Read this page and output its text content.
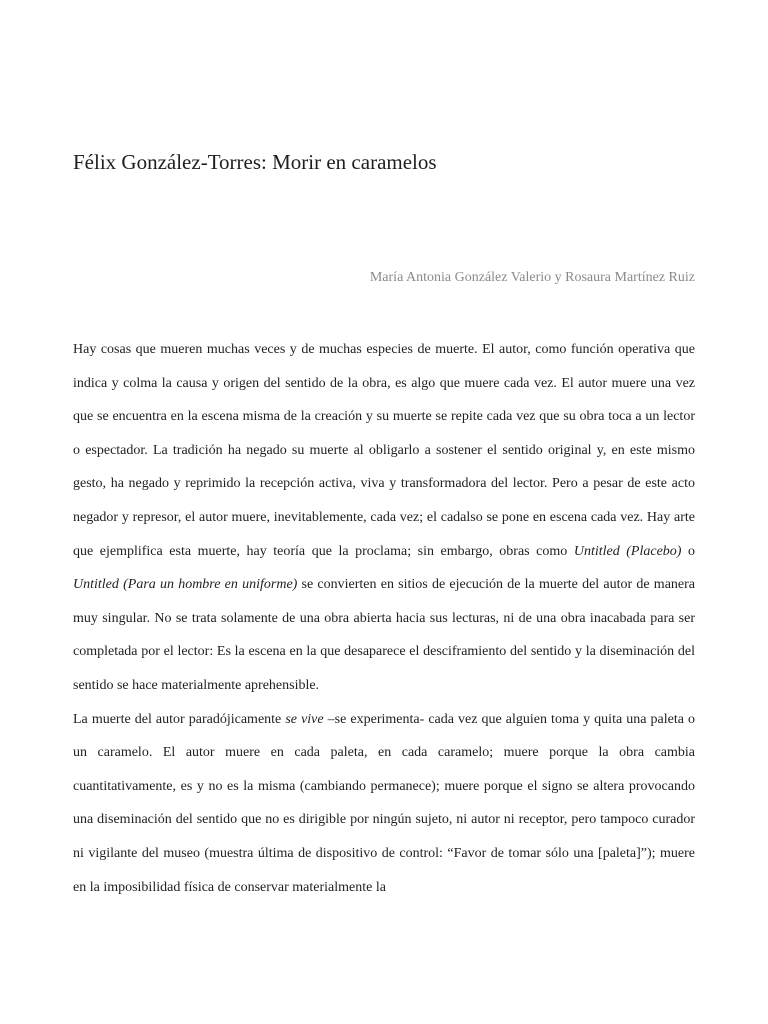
Félix González-Torres: Morir en caramelos

María Antonia González Valerio y Rosaura Martínez Ruiz

Hay cosas que mueren muchas veces y de muchas especies de muerte. El autor, como función operativa que indica y colma la causa y origen del sentido de la obra, es algo que muere cada vez. El autor muere una vez que se encuentra en la escena misma de la creación y su muerte se repite cada vez que su obra toca a un lector o espectador. La tradición ha negado su muerte al obligarlo a sostener el sentido original y, en este mismo gesto, ha negado y reprimido la recepción activa, viva y transformadora del lector. Pero a pesar de este acto negador y represor, el autor muere, inevitablemente, cada vez; el cadalso se pone en escena cada vez. Hay arte que ejemplifica esta muerte, hay teoría que la proclama; sin embargo, obras como Untitled (Placebo) o Untitled (Para un hombre en uniforme) se convierten en sitios de ejecución de la muerte del autor de manera muy singular. No se trata solamente de una obra abierta hacia sus lecturas, ni de una obra inacabada para ser completada por el lector: Es la escena en la que desaparece el desciframiento del sentido y la diseminación del sentido se hace materialmente aprehensible.

La muerte del autor paradójicamente se vive –se experimenta- cada vez que alguien toma y quita una paleta o un caramelo. El autor muere en cada paleta, en cada caramelo; muere porque la obra cambia cuantitativamente, es y no es la misma (cambiando permanece); muere porque el signo se altera provocando una diseminación del sentido que no es dirigible por ningún sujeto, ni autor ni receptor, pero tampoco curador ni vigilante del museo (muestra última de dispositivo de control: “Favor de tomar sólo una [paleta]”); muere en la imposibilidad física de conservar materialmente la
